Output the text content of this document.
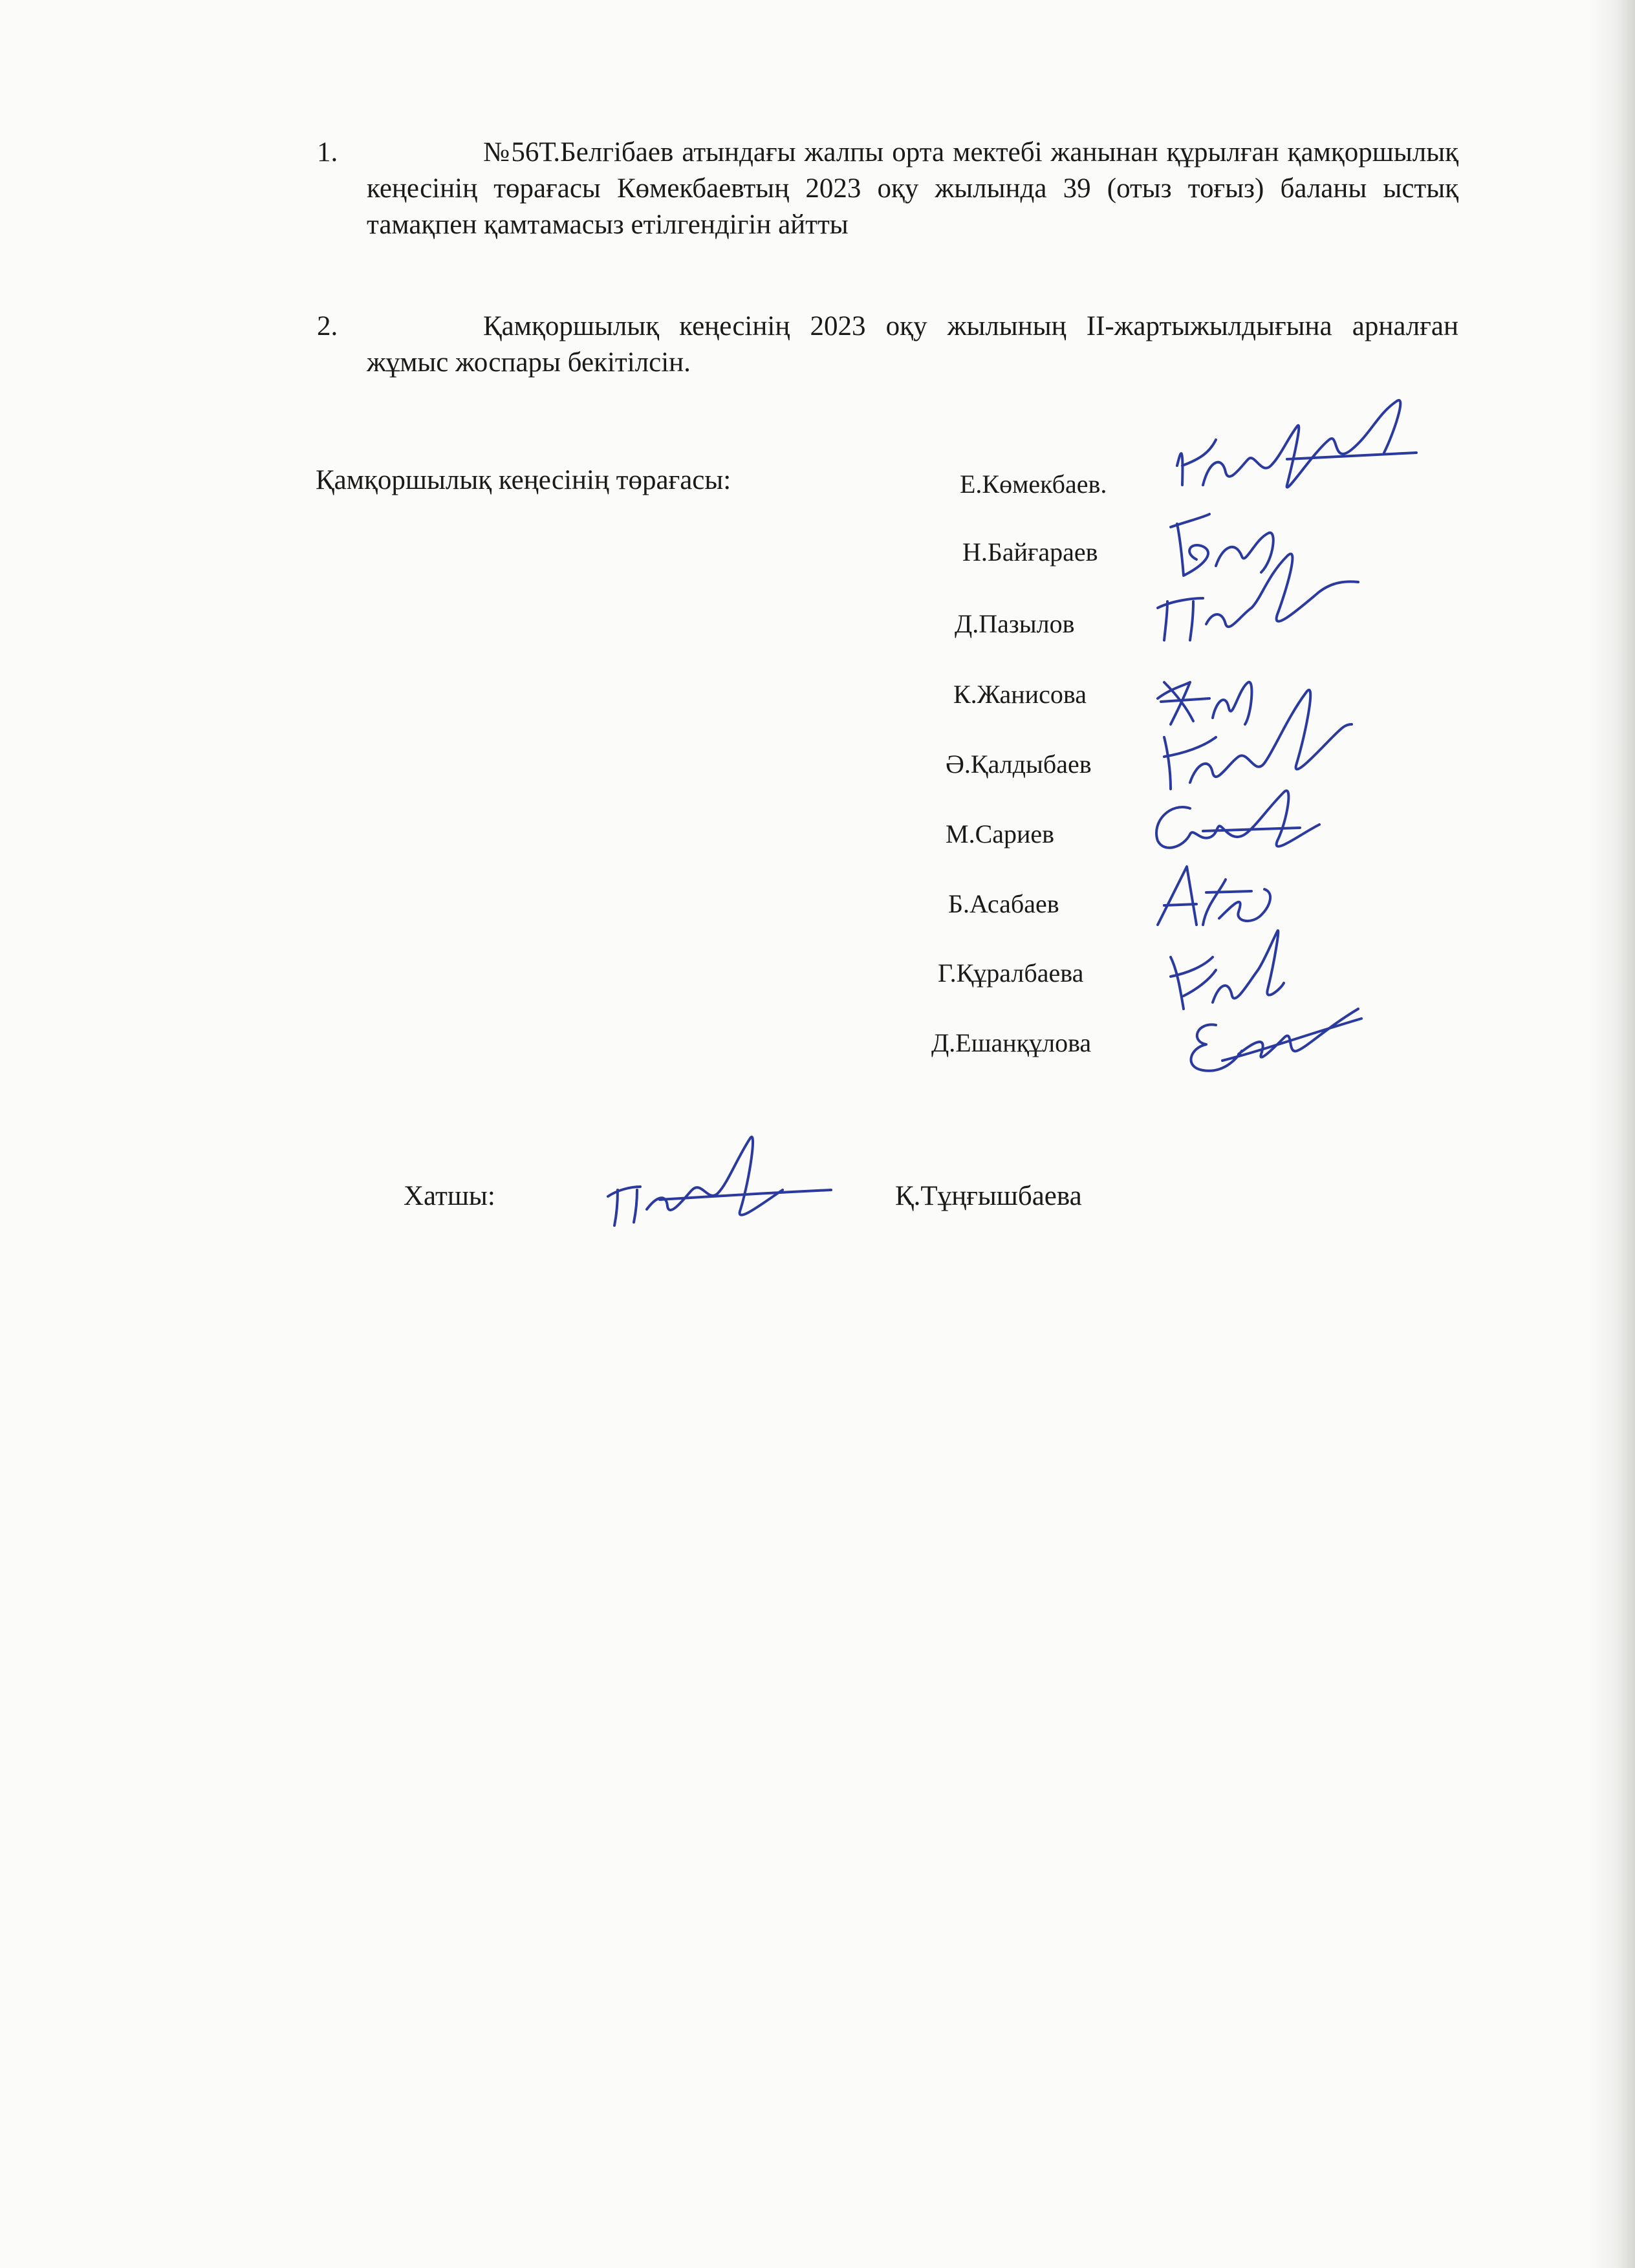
1.	№56Т.Белгібаев атындағы жалпы орта мектебі жанынан құрылған қамқоршылық кеңесінің төрағасы Көмекбаевтың 2023 оқу жылында 39 (отыз тоғыз) баланы ыстық тамақпен қамтамасыз етілгендігін айтты
2.	Қамқоршылық кеңесінің 2023 оқу жылының ІІ-жартыжылдығына арналған жұмыс жоспары бекітілсін.
Қамқоршылық кеңесінің төрағасы:	Е.Көмекбаев.
Н.Байғараев
Д.Пазылов
К.Жанисова
Ә.Қалдыбаев
М.Сариев
Б.Асабаев
Г.Құралбаева
Д.Ешанқұлова
Хатшы:	Қ.Тұңғышбаева
